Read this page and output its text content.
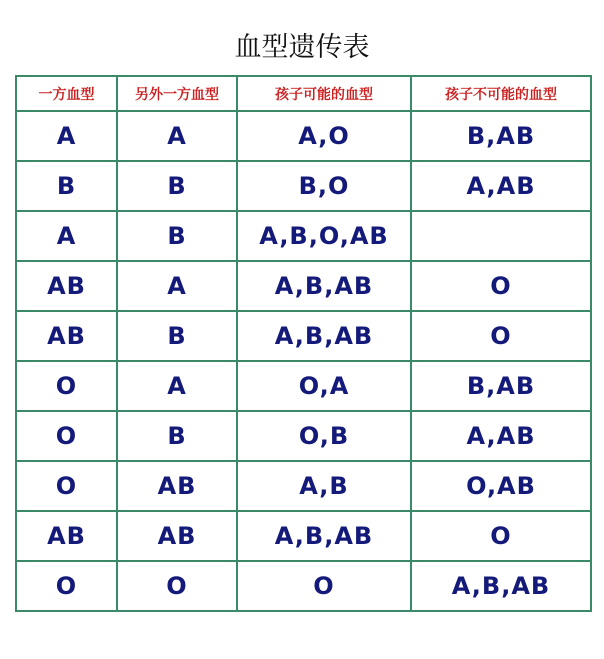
血型遗传表
一方血型	另外一方血型	孩子可能的血型	孩子不可能的血型
A	A	A,O	B,AB
B	B	B,O	A,AB
A	B	A,B,O,AB	
AB	A	A,B,AB	O
AB	B	A,B,AB	O
O	A	O,A	B,AB
O	B	O,B	A,AB
O	AB	A,B	O,AB
AB	AB	A,B,AB	O
O	O	O	A,B,AB
